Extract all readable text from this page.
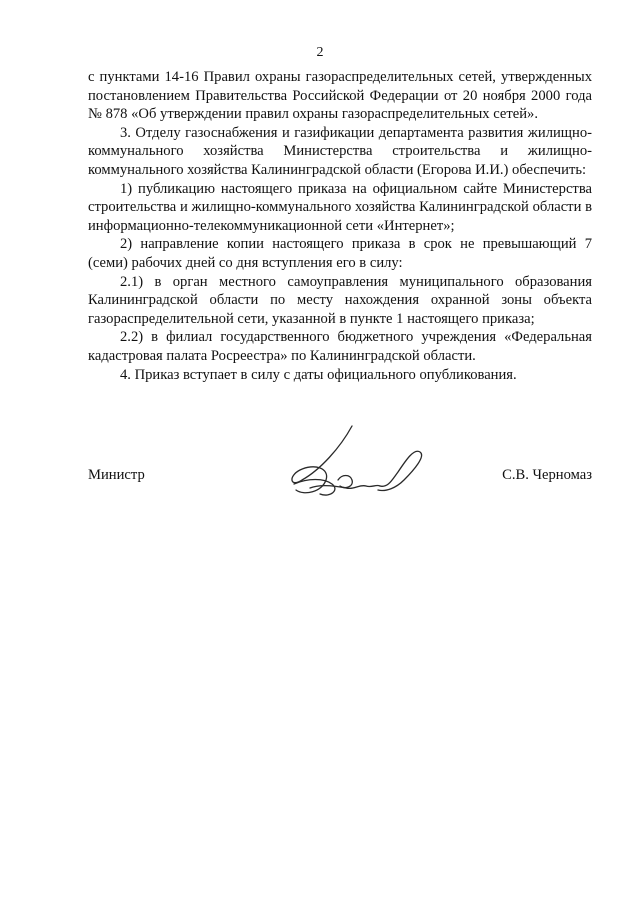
2

с пунктами 14-16 Правил охраны газораспределительных сетей, утвержденных постановлением Правительства Российской Федерации от 20 ноября 2000 года № 878 «Об утверждении правил охраны газораспределительных сетей».

3. Отделу газоснабжения и газификации департамента развития жилищно-коммунального хозяйства Министерства строительства и жилищно-коммунального хозяйства Калининградской области (Егорова И.И.) обеспечить:

1) публикацию настоящего приказа на официальном сайте Министерства строительства и жилищно-коммунального хозяйства Калининградской области в информационно-телекоммуникационной сети «Интернет»;

2) направление копии настоящего приказа в срок не превышающий 7 (семи) рабочих дней со дня вступления его в силу:

2.1) в орган местного самоуправления муниципального образования Калининградской области по месту нахождения охранной зоны объекта газораспределительной сети, указанной в пункте 1 настоящего приказа;

2.2) в филиал государственного бюджетного учреждения «Федеральная кадастровая палата Росреестра» по Калининградской области.

4. Приказ вступает в силу с даты официального опубликования.

Министр	С.В. Черномаз
